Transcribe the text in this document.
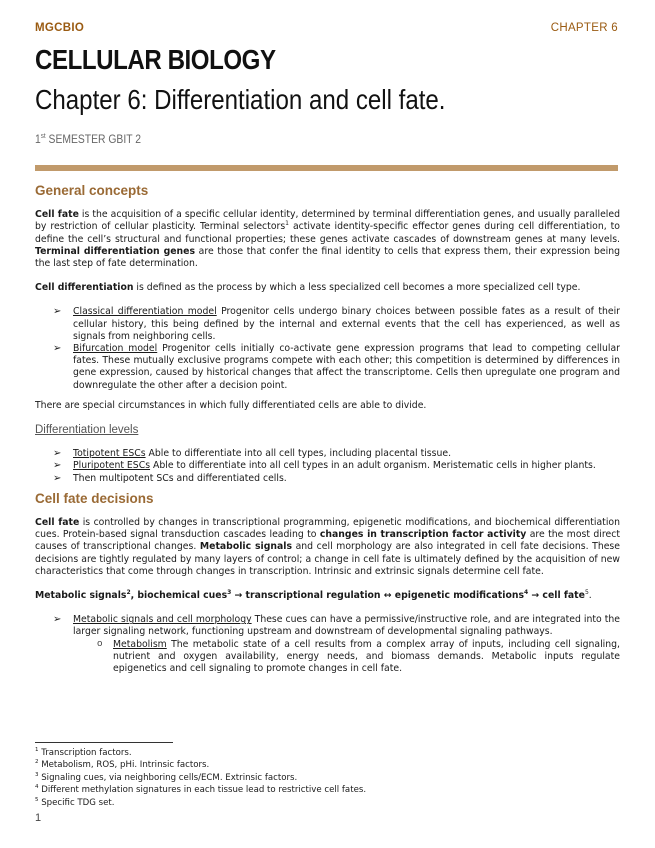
MGCBIO	CHAPTER 6
CELLULAR BIOLOGY
Chapter 6: Differentiation and cell fate.
1st SEMESTER GBIT 2
General concepts

Cell fate is the acquisition of a specific cellular identity, determined by terminal differentiation genes, and usually paralleled by restriction of cellular plasticity. Terminal selectors$^1$ activate identity-specific effector genes during cell differentiation, to define the cell’s structural and functional properties; these genes activate cascades of downstream genes at many levels. Terminal differentiation genes are those that confer the final identity to cells that express them, their expression being the last step of fate determination.

Cell differentiation is defined as the process by which a less specialized cell becomes a more specialized cell type.

➢ Classical differentiation model Progenitor cells undergo binary choices between possible fates as a result of their cellular history, this being defined by the internal and external events that the cell has experienced, as well as signals from neighboring cells.
➢ Bifurcation model Progenitor cells initially co-activate gene expression programs that lead to competing cellular fates. These mutually exclusive programs compete with each other; this competition is determined by differences in gene expression, caused by historical changes that affect the transcriptome. Cells then upregulate one program and downregulate the other after a decision point.

There are special circumstances in which fully differentiated cells are able to divide.

Differentiation levels
➢ Totipotent ESCs Able to differentiate into all cell types, including placental tissue.
➢ Pluripotent ESCs Able to differentiate into all cell types in an adult organism. Meristematic cells in higher plants.
➢ Then multipotent SCs and differentiated cells.
Cell fate decisions

Cell fate is controlled by changes in transcriptional programming, epigenetic modifications, and biochemical differentiation cues. Protein-based signal transduction cascades leading to changes in transcription factor activity are the most direct causes of transcriptional changes. Metabolic signals and cell morphology are also integrated in cell fate decisions. These decisions are tightly regulated by many layers of control; a change in cell fate is ultimately defined by the acquisition of new characteristics that come through changes in transcription. Intrinsic and extrinsic signals determine cell fate.

Metabolic signals$^2$, biochemical cues$^3$ → transcriptional regulation ↔ epigenetic modifications$^4$ → cell fate$^5$.

➢ Metabolic signals and cell morphology These cues can have a permissive/instructive role, and are integrated into the larger signaling network, functioning upstream and downstream of developmental signaling pathways.
o Metabolism The metabolic state of a cell results from a complex array of inputs, including cell signaling, nutrient and oxygen availability, energy needs, and biomass demands. Metabolic inputs regulate epigenetics and cell signaling to promote changes in cell fate.
$^1$ Transcription factors.
$^2$ Metabolism, ROS, pHi. Intrinsic factors.
$^3$ Signaling cues, via neighboring cells/ECM. Extrinsic factors.
$^4$ Different methylation signatures in each tissue lead to restrictive cell fates.
$^5$ Specific TDG set.
1
